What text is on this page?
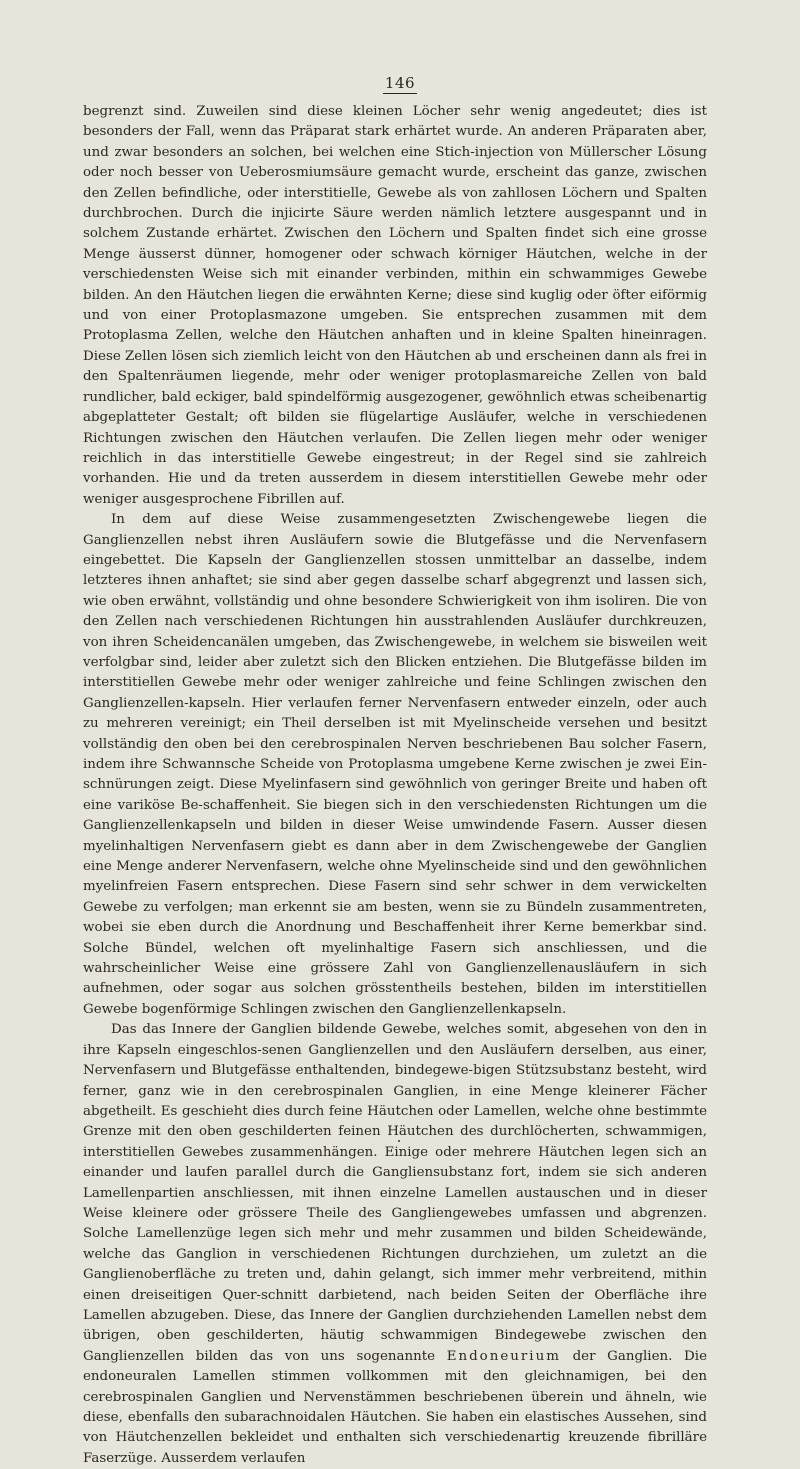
146

begrenzt sind. Zuweilen sind diese kleinen Löcher sehr wenig angedeutet; dies ist besonders der Fall, wenn das Präparat stark erhärtet wurde. An anderen Präparaten aber, und zwar besonders an solchen, bei welchen eine Stich-injection von Müllerscher Lösung oder noch besser von Ueberosmiumsäure gemacht wurde, erscheint das ganze, zwischen den Zellen befindliche, oder interstitielle, Gewebe als von zahllosen Löchern und Spalten durchbrochen. Durch die injicirte Säure werden nämlich letztere ausgespannt und in solchem Zustande erhärtet. Zwischen den Löchern und Spalten findet sich eine grosse Menge äusserst dünner, homogener oder schwach körniger Häutchen, welche in der verschiedensten Weise sich mit einander verbinden, mithin ein schwammiges Gewebe bilden. An den Häutchen liegen die erwähnten Kerne; diese sind kuglig oder öfter eiförmig und von einer Protoplasmazone umgeben. Sie entsprechen zusammen mit dem Protoplasma Zellen, welche den Häutchen anhaften und in kleine Spalten hineinragen. Diese Zellen lösen sich ziemlich leicht von den Häutchen ab und erscheinen dann als frei in den Spaltenräumen liegende, mehr oder weniger protoplasmareiche Zellen von bald rundlicher, bald eckiger, bald spindelförmig ausgezogener, gewöhnlich etwas scheibenartig abgeplatteter Gestalt; oft bilden sie flügelartige Ausläufer, welche in verschiedenen Richtungen zwischen den Häutchen verlaufen. Die Zellen liegen mehr oder weniger reichlich in das interstitielle Gewebe eingestreut; in der Regel sind sie zahlreich vorhanden. Hie und da treten ausserdem in diesem interstitiellen Gewebe mehr oder weniger ausgesprochene Fibrillen auf.

In dem auf diese Weise zusammengesetzten Zwischengewebe liegen die Ganglienzellen nebst ihren Ausläufern sowie die Blutgefässe und die Nervenfasern eingebettet. Die Kapseln der Ganglienzellen stossen unmittelbar an dasselbe, indem letzteres ihnen anhaftet; sie sind aber gegen dasselbe scharf abgegrenzt und lassen sich, wie oben erwähnt, vollständig und ohne besondere Schwierigkeit von ihm isoliren. Die von den Zellen nach verschiedenen Richtungen hin ausstrahlenden Ausläufer durchkreuzen, von ihren Scheidencanälen umgeben, das Zwischengewebe, in welchem sie bisweilen weit verfolgbar sind, leider aber zuletzt sich den Blicken entziehen. Die Blutgefässe bilden im interstitiellen Gewebe mehr oder weniger zahlreiche und feine Schlingen zwischen den Ganglienzellen-kapseln. Hier verlaufen ferner Nervenfasern entweder einzeln, oder auch zu mehreren vereinigt; ein Theil derselben ist mit Myelinscheide versehen und besitzt vollständig den oben bei den cerebrospinalen Nerven beschriebenen Bau solcher Fasern, indem ihre Schwannsche Scheide von Protoplasma umgebene Kerne zwischen je zwei Ein-schnürungen zeigt. Diese Myelinfasern sind gewöhnlich von geringer Breite und haben oft eine variköse Be-schaffenheit. Sie biegen sich in den verschiedensten Richtungen um die Ganglienzellenkapseln und bilden in dieser Weise umwindende Fasern. Ausser diesen myelinhaltigen Nervenfasern giebt es dann aber in dem Zwischengewebe der Ganglien eine Menge anderer Nervenfasern, welche ohne Myelinscheide sind und den gewöhnlichen myelinfreien Fasern entsprechen. Diese Fasern sind sehr schwer in dem verwickelten Gewebe zu verfolgen; man erkennt sie am besten, wenn sie zu Bündeln zusammentreten, wobei sie eben durch die Anordnung und Beschaffenheit ihrer Kerne bemerkbar sind. Solche Bündel, welchen oft myelinhaltige Fasern sich anschliessen, und die wahrscheinlicher Weise eine grössere Zahl von Ganglienzellenausläufern in sich aufnehmen, oder sogar aus solchen grösstentheils bestehen, bilden im interstitiellen Gewebe bogenförmige Schlingen zwischen den Ganglienzellenkapseln.

Das das Innere der Ganglien bildende Gewebe, welches somit, abgesehen von den in ihre Kapseln eingeschlos-senen Ganglienzellen und den Ausläufern derselben, aus einer, Nervenfasern und Blutgefässe enthaltenden, bindegewe-bigen Stützsubstanz besteht, wird ferner, ganz wie in den cerebrospinalen Ganglien, in eine Menge kleinerer Fächer abgetheilt. Es geschieht dies durch feine Häutchen oder Lamellen, welche ohne bestimmte Grenze mit den oben geschilderten feinen Häutchen des durchlöcherten, schwammigen, interstitiellen Gewebes zusammenhängen. Einige oder mehrere Häutchen legen sich an einander und laufen parallel durch die Gangliensubstanz fort, indem sie sich anderen Lamellenpartien anschliessen, mit ihnen einzelne Lamellen austauschen und in dieser Weise kleinere oder grössere Theile des Gangliengewebes umfassen und abgrenzen. Solche Lamellenzüge legen sich mehr und mehr zusammen und bilden Scheidewände, welche das Ganglion in verschiedenen Richtungen durchziehen, um zuletzt an die Ganglienoberfläche zu treten und, dahin gelangt, sich immer mehr verbreitend, mithin einen dreiseitigen Quer-schnitt darbietend, nach beiden Seiten der Oberfläche ihre Lamellen abzugeben. Diese, das Innere der Ganglien durchziehenden Lamellen nebst dem übrigen, oben geschilderten, häutig schwammigen Bindegewebe zwischen den Ganglienzellen bilden das von uns sogenannte Endoneurium der Ganglien. Die endoneuralen Lamellen stimmen vollkommen mit den gleichnamigen, bei den cerebrospinalen Ganglien und Nervenstämmen beschriebenen überein und ähneln, wie diese, ebenfalls den subarachnoidalen Häutchen. Sie haben ein elastisches Aussehen, sind von Häutchenzellen bekleidet und enthalten sich verschiedenartig kreuzende fibrilläre Faserzüge. Ausserdem verlaufen
